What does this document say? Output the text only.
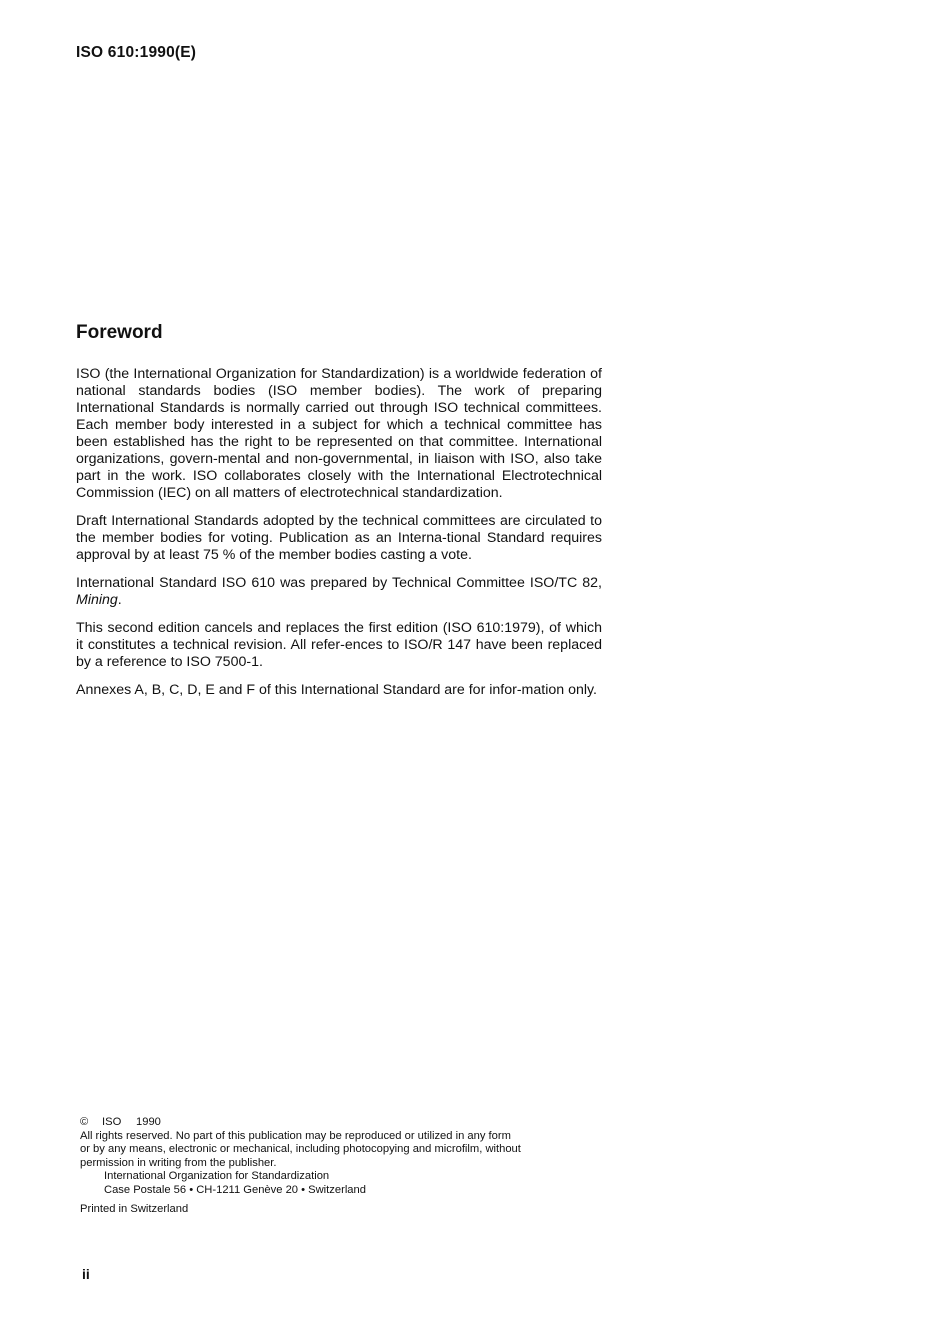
ISO 610:1990(E)
Foreword

ISO (the International Organization for Standardization) is a worldwide federation of national standards bodies (ISO member bodies). The work of preparing International Standards is normally carried out through ISO technical committees. Each member body interested in a subject for which a technical committee has been established has the right to be represented on that committee. International organizations, govern-mental and non-governmental, in liaison with ISO, also take part in the work. ISO collaborates closely with the International Electrotechnical Commission (IEC) on all matters of electrotechnical standardization.

Draft International Standards adopted by the technical committees are circulated to the member bodies for voting. Publication as an Interna-tional Standard requires approval by at least 75 % of the member bodies casting a vote.

International Standard ISO 610 was prepared by Technical Committee ISO/TC 82, Mining.

This second edition cancels and replaces the first edition (ISO 610:1979), of which it constitutes a technical revision. All refer-ences to ISO/R 147 have been replaced by a reference to ISO 7500-1.

Annexes A, B, C, D, E and F of this International Standard are for infor-mation only.

© ISO 1990
All rights reserved. No part of this publication may be reproduced or utilized in any form
or by any means, electronic or mechanical, including photocopying and microfilm, without
permission in writing from the publisher.
International Organization for Standardization
Case Postale 56 • CH-1211 Genève 20 • Switzerland
Printed in Switzerland
ii
